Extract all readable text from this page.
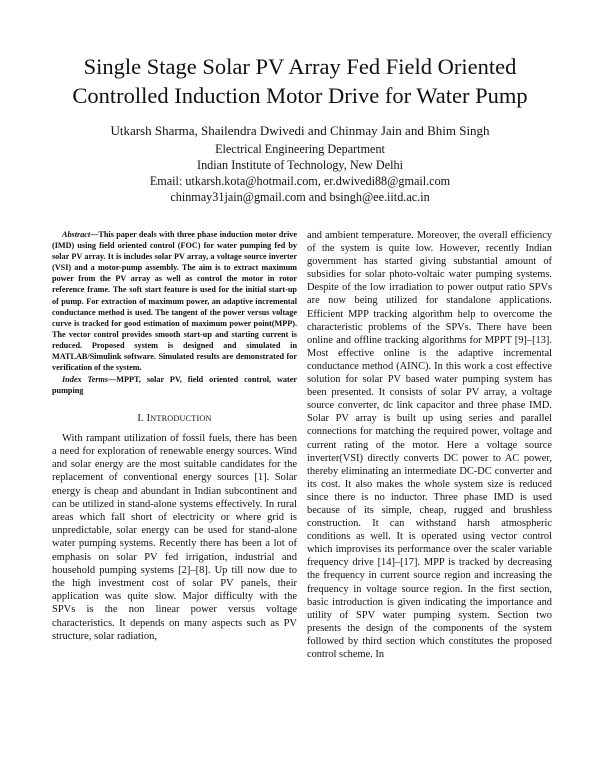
Single Stage Solar PV Array Fed Field Oriented
Controlled Induction Motor Drive for Water Pump
Utkarsh Sharma, Shailendra Dwivedi and Chinmay Jain and Bhim Singh
Electrical Engineering Department
Indian Institute of Technology, New Delhi
Email: utkarsh.kota@hotmail.com, er.dwivedi88@gmail.com
chinmay31jain@gmail.com and bsingh@ee.iitd.ac.in

Abstract—This paper deals with three phase induction motor drive (IMD) using field oriented control (FOC) for water pumping fed by solar PV array. It is includes solar PV array, a voltage source inverter (VSI) and a motor-pump assembly. The aim is to extract maximum power from the PV array as well as control the motor in rotor reference frame. The soft start feature is used for the initial start-up of pump. For extraction of maximum power, an adaptive incremental conductance method is used. The tangent of the power versus voltage curve is tracked for good estimation of maximum power point(MPP). The vector control provides smooth start-up and starting current is reduced. Proposed system is designed and simulated in MATLAB/Simulink software. Simulated results are demonstrated for verification of the system.

Index Terms—MPPT, solar PV, field oriented control, water pumping

I. INTRODUCTION

With rampant utilization of fossil fuels, there has been a need for exploration of renewable energy sources. Wind and solar energy are the most suitable candidates for the replacement of conventional energy sources [1]. Solar energy is cheap and abundant in Indian subcontinent and can be utilized in stand-alone systems effectively. In rural areas which fall short of electricity or where grid is unpredictable, solar energy can be used for stand-alone water pumping systems. Recently there has been a lot of emphasis on solar PV fed irrigation, industrial and household pumping systems [2]–[8]. Up till now due to the high investment cost of solar PV panels, their application was quite slow. Major difficulty with the SPVs is the non linear power versus voltage characteristics. It depends on many aspects such as PV structure, solar radiation,

and ambient temperature. Moreover, the overall efficiency of the system is quite low. However, recently Indian government has started giving substantial amount of subsidies for solar photo-voltaic water pumping systems. Despite of the low irradiation to power output ratio SPVs are now being utilized for standalone applications. Efficient MPP tracking algorithm help to overcome the characteristic problems of the SPVs. There have been online and offline tracking algorithms for MPPT [9]–[13]. Most effective online is the adaptive incremental conductance method (AINC). In this work a cost effective solution for solar PV based water pumping system has been presented. It consists of solar PV array, a voltage source converter, dc link capacitor and three phase IMD. Solar PV array is built up using series and parallel connections for matching the required power, voltage and current rating of the motor. Here a voltage source inverter(VSI) directly converts DC power to AC power, thereby eliminating an intermediate DC-DC converter and its cost. It also makes the whole system size is reduced since there is no inductor. Three phase IMD is used because of its simple, cheap, rugged and brushless construction. It can withstand harsh atmospheric conditions as well. It is operated using vector control which improvises its performance over the scaler variable frequency drive [14]–[17]. MPP is tracked by decreasing the frequency in current source region and increasing the frequency in voltage source region. In the first section, basic introduction is given indicating the importance and utility of SPV water pumping system. Section two presents the design of the components of the system followed by third section which constitutes the proposed control scheme. In
